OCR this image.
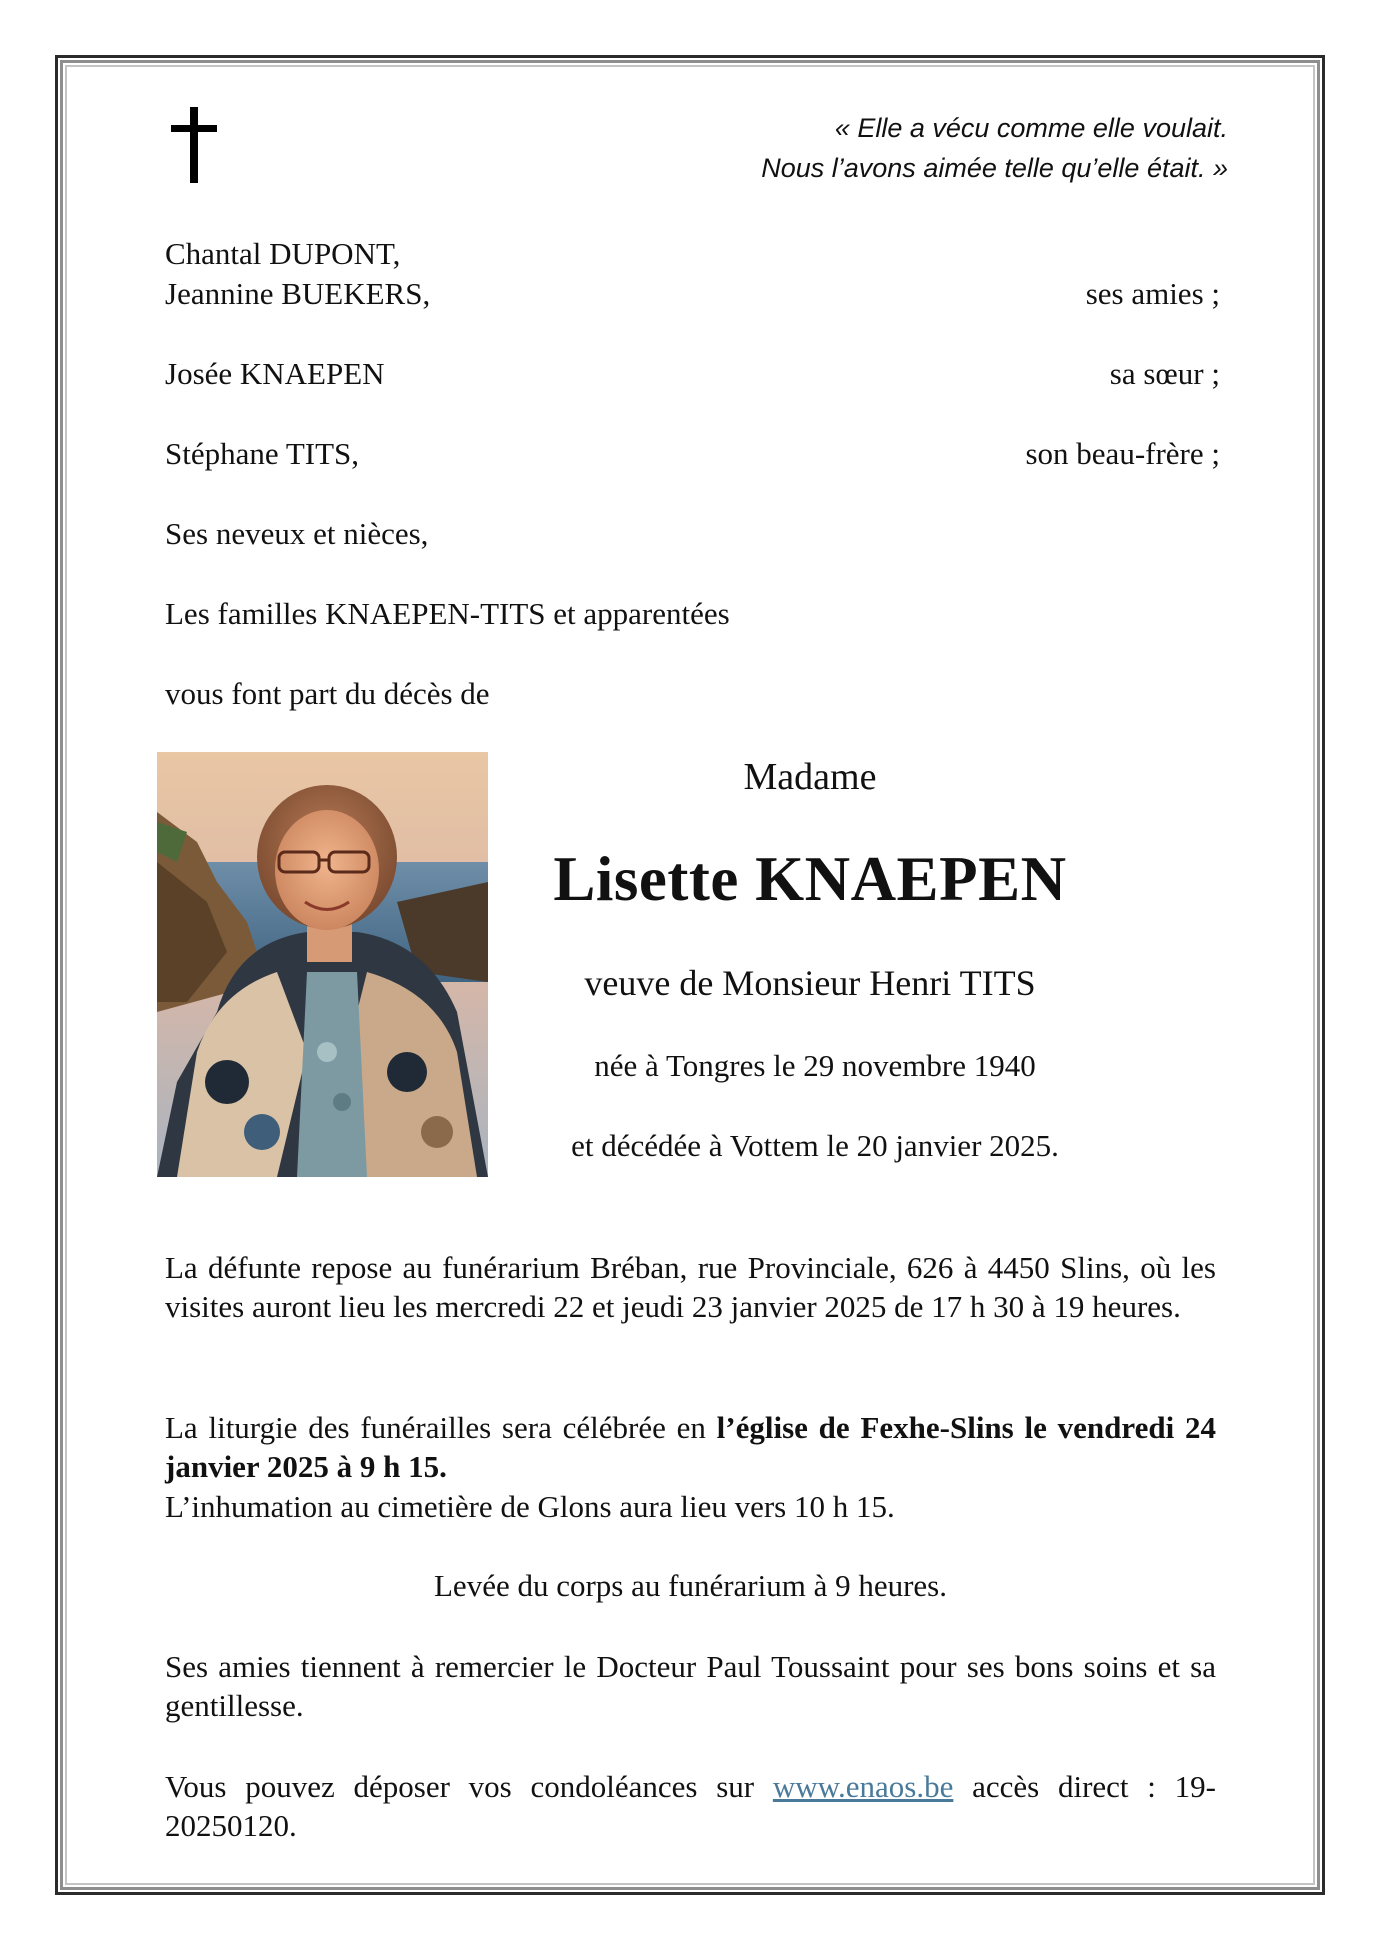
« Elle a vécu comme elle voulait.
Nous l’avons aimée telle qu’elle était. »
Chantal DUPONT,
Jeannine BUEKERS,	ses amies ;
Josée KNAEPEN	sa sœur ;
Stéphane TITS,	son beau-frère ;
Ses neveux et nièces,
Les familles KNAEPEN-TITS et apparentées
vous font part du décès de
Madame
Lisette KNAEPEN
veuve de Monsieur Henri TITS
née à Tongres le 29 novembre 1940
et décédée à Vottem le 20 janvier 2025.
La défunte repose au funérarium Bréban, rue Provinciale, 626 à 4450 Slins, où les visites auront lieu les mercredi 22 et jeudi 23 janvier 2025 de 17 h 30 à 19 heures.
La liturgie des funérailles sera célébrée en l’église de Fexhe-Slins le vendredi 24 janvier 2025 à 9 h 15.
L’inhumation au cimetière de Glons aura lieu vers 10 h 15.
Levée du corps au funérarium à 9 heures.
Ses amies tiennent à remercier le Docteur Paul Toussaint pour ses bons soins et sa gentillesse.
Vous pouvez déposer vos condoléances sur www.enaos.be accès direct : 19-20250120.
